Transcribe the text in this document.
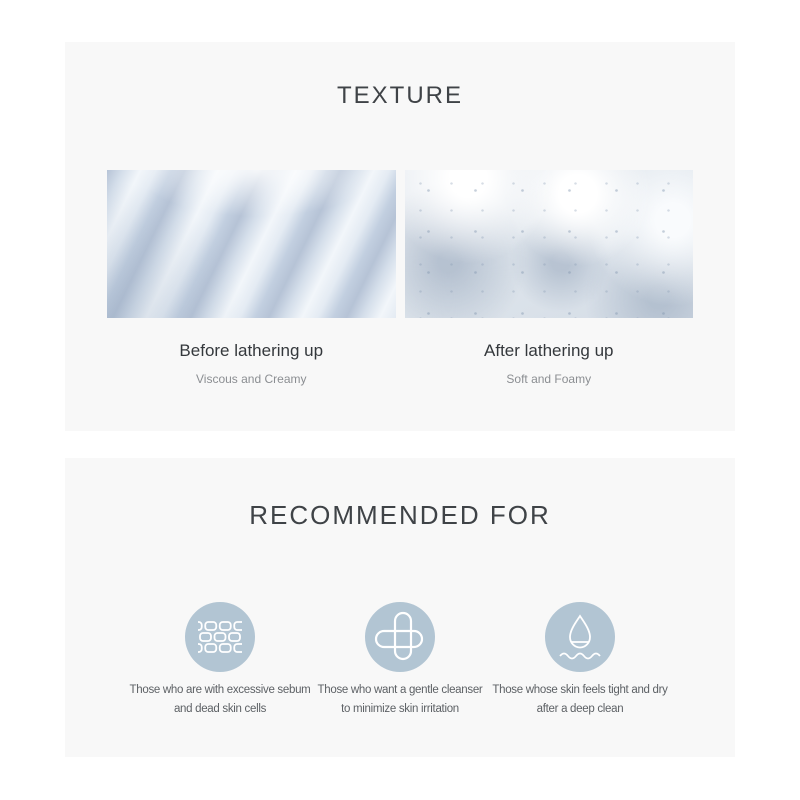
TEXTURE
Before lathering up
Viscous and Creamy
After lathering up
Soft and Foamy
RECOMMENDED FOR
Those who are with excessive sebum
and dead skin cells
Those who want a gentle cleanser
to minimize skin irritation
Those whose skin feels tight and dry
after a deep clean
